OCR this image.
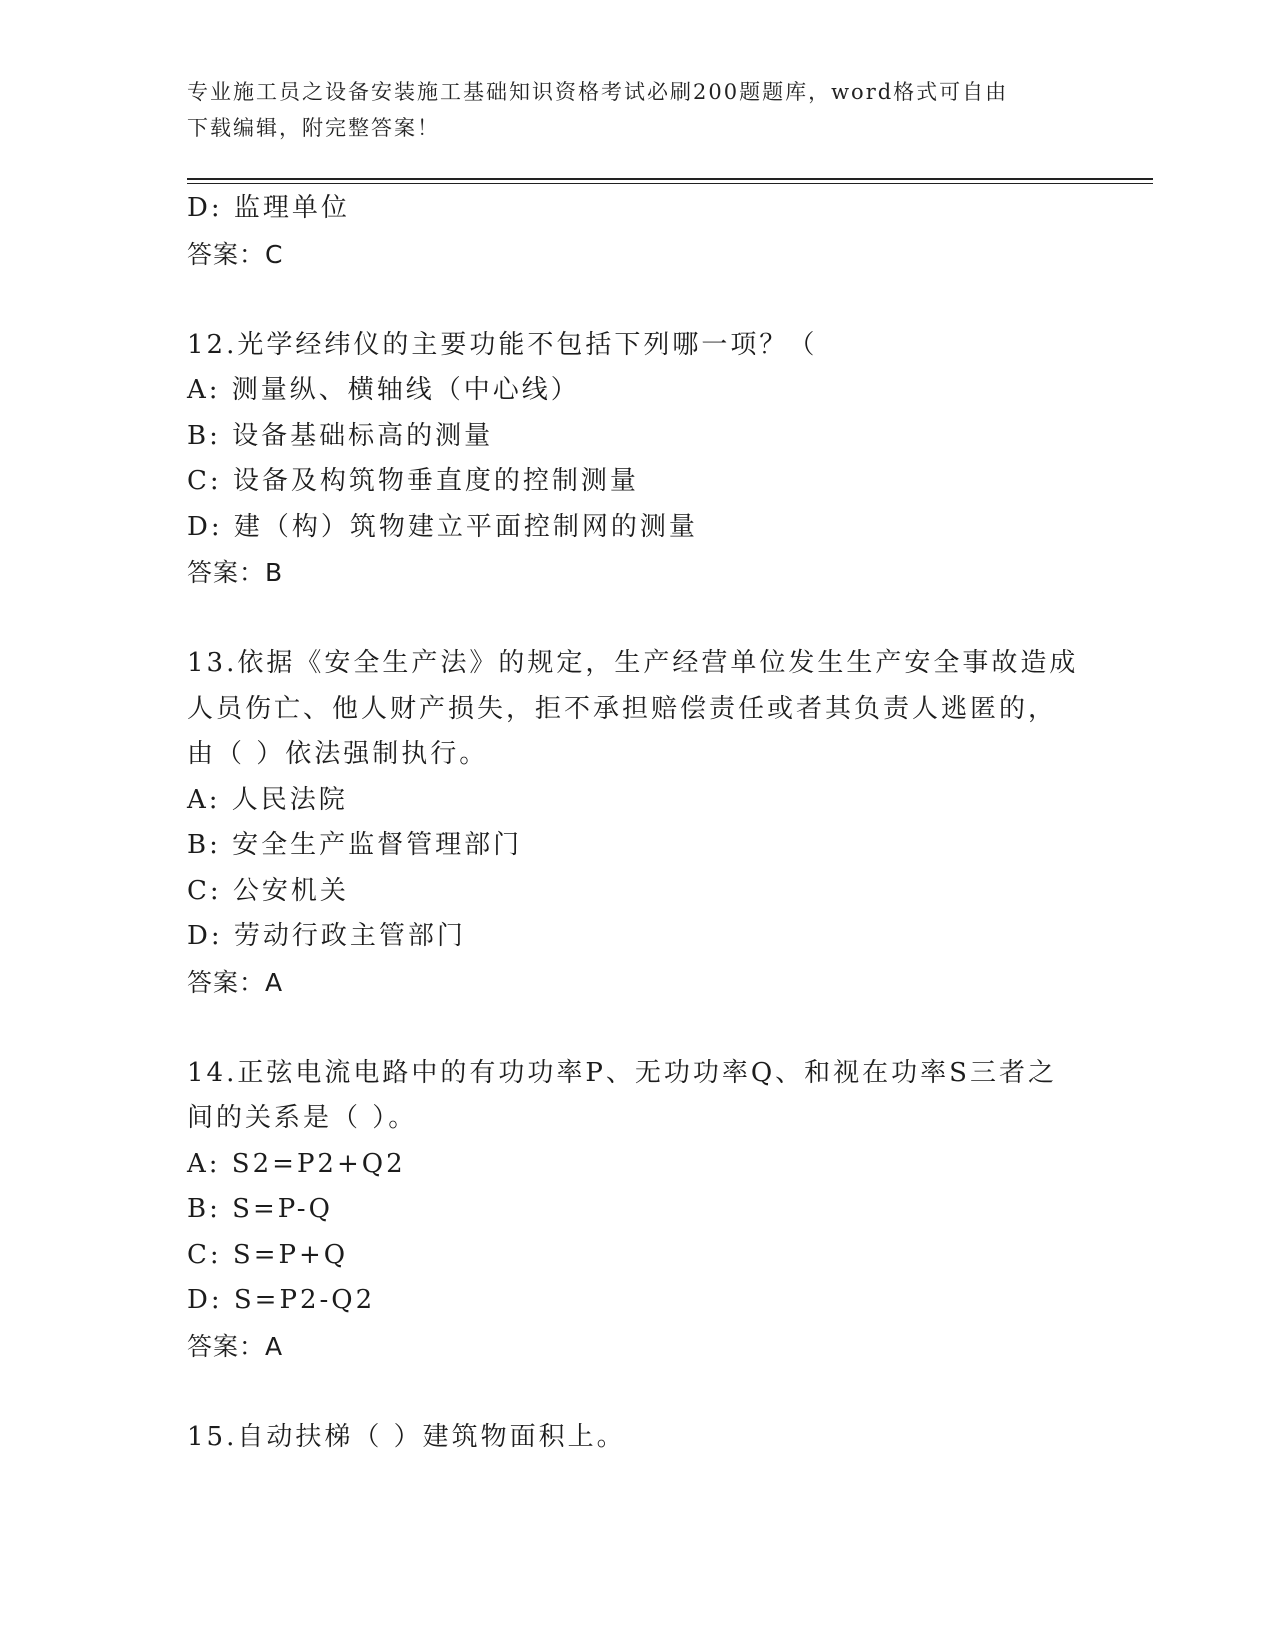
专业施工员之设备安装施工基础知识资格考试必刷200题题库，word格式可自由
下载编辑，附完整答案！
D: 监理单位
答案：C
12.光学经纬仪的主要功能不包括下列哪一项？（
A: 测量纵、横轴线（中心线）
B: 设备基础标高的测量
C: 设备及构筑物垂直度的控制测量
D: 建（构）筑物建立平面控制网的测量
答案：B
13.依据《安全生产法》的规定，生产经营单位发生生产安全事故造成
人员伤亡、他人财产损失，拒不承担赔偿责任或者其负责人逃匿的，
由（ ）依法强制执行。
A: 人民法院
B: 安全生产监督管理部门
C: 公安机关
D: 劳动行政主管部门
答案：A
14.正弦电流电路中的有功功率P、无功功率Q、和视在功率S三者之
间的关系是（ ）。
A: S2=P2+Q2
B: S=P-Q
C: S=P+Q
D: S=P2-Q2
答案：A
15.自动扶梯（ ）建筑物面积上。
